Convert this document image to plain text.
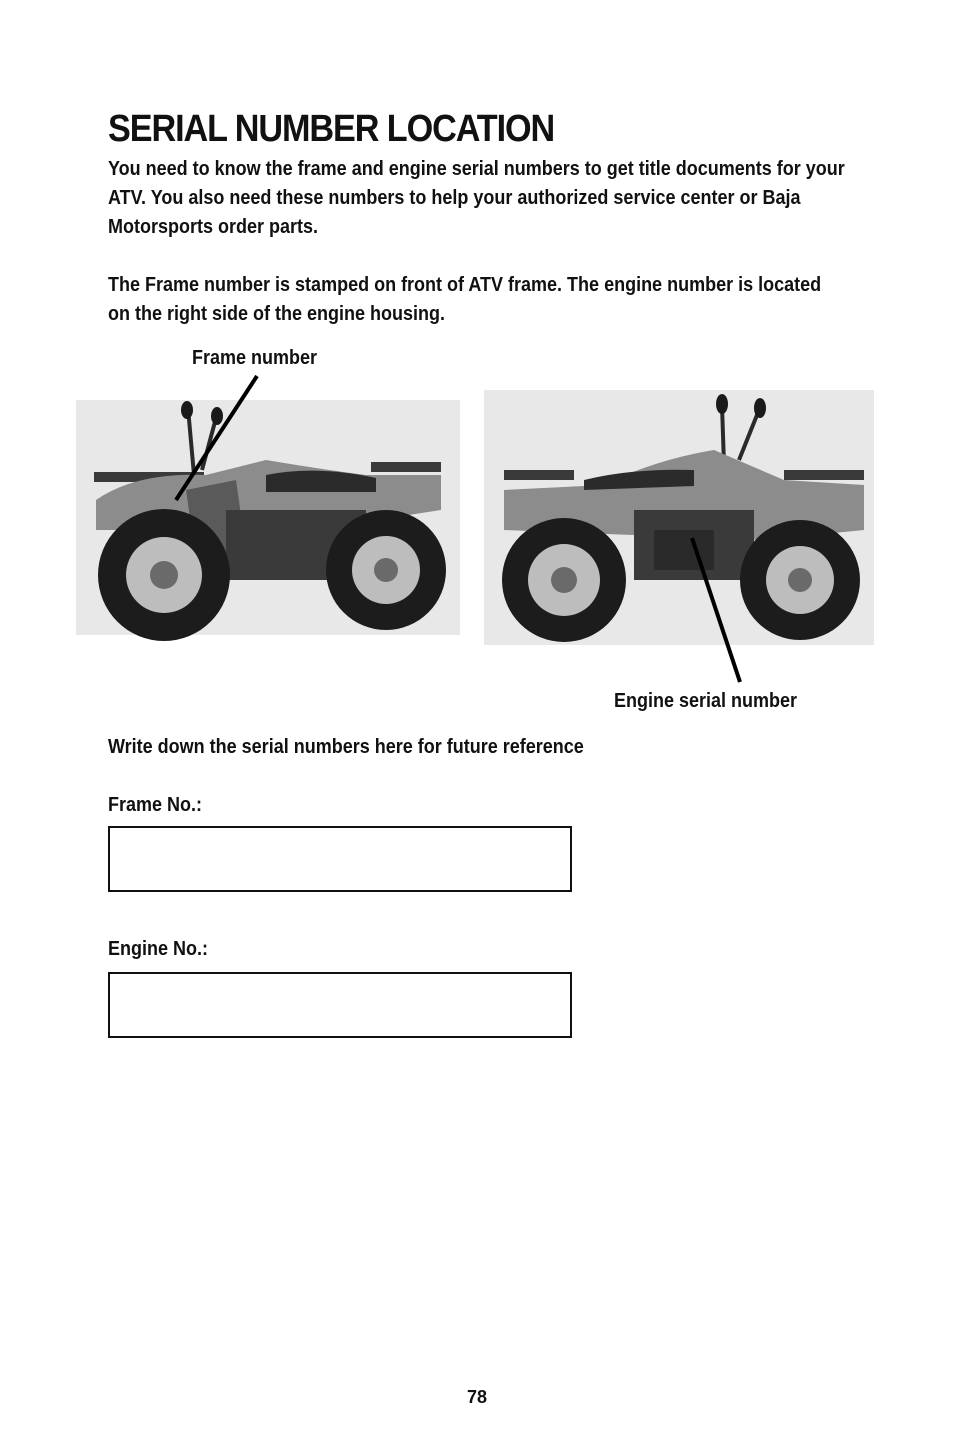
SERIAL NUMBER LOCATION

You need to know the frame and engine serial numbers to get title documents for your ATV. You also need these numbers to help your authorized service center or Baja Motorsports order parts.

The Frame number is stamped on front of ATV frame. The engine number is located on the right side of the engine housing.

Frame number
Engine serial number
Write down the serial numbers here for future reference
Frame No.:
Engine No.:
78
